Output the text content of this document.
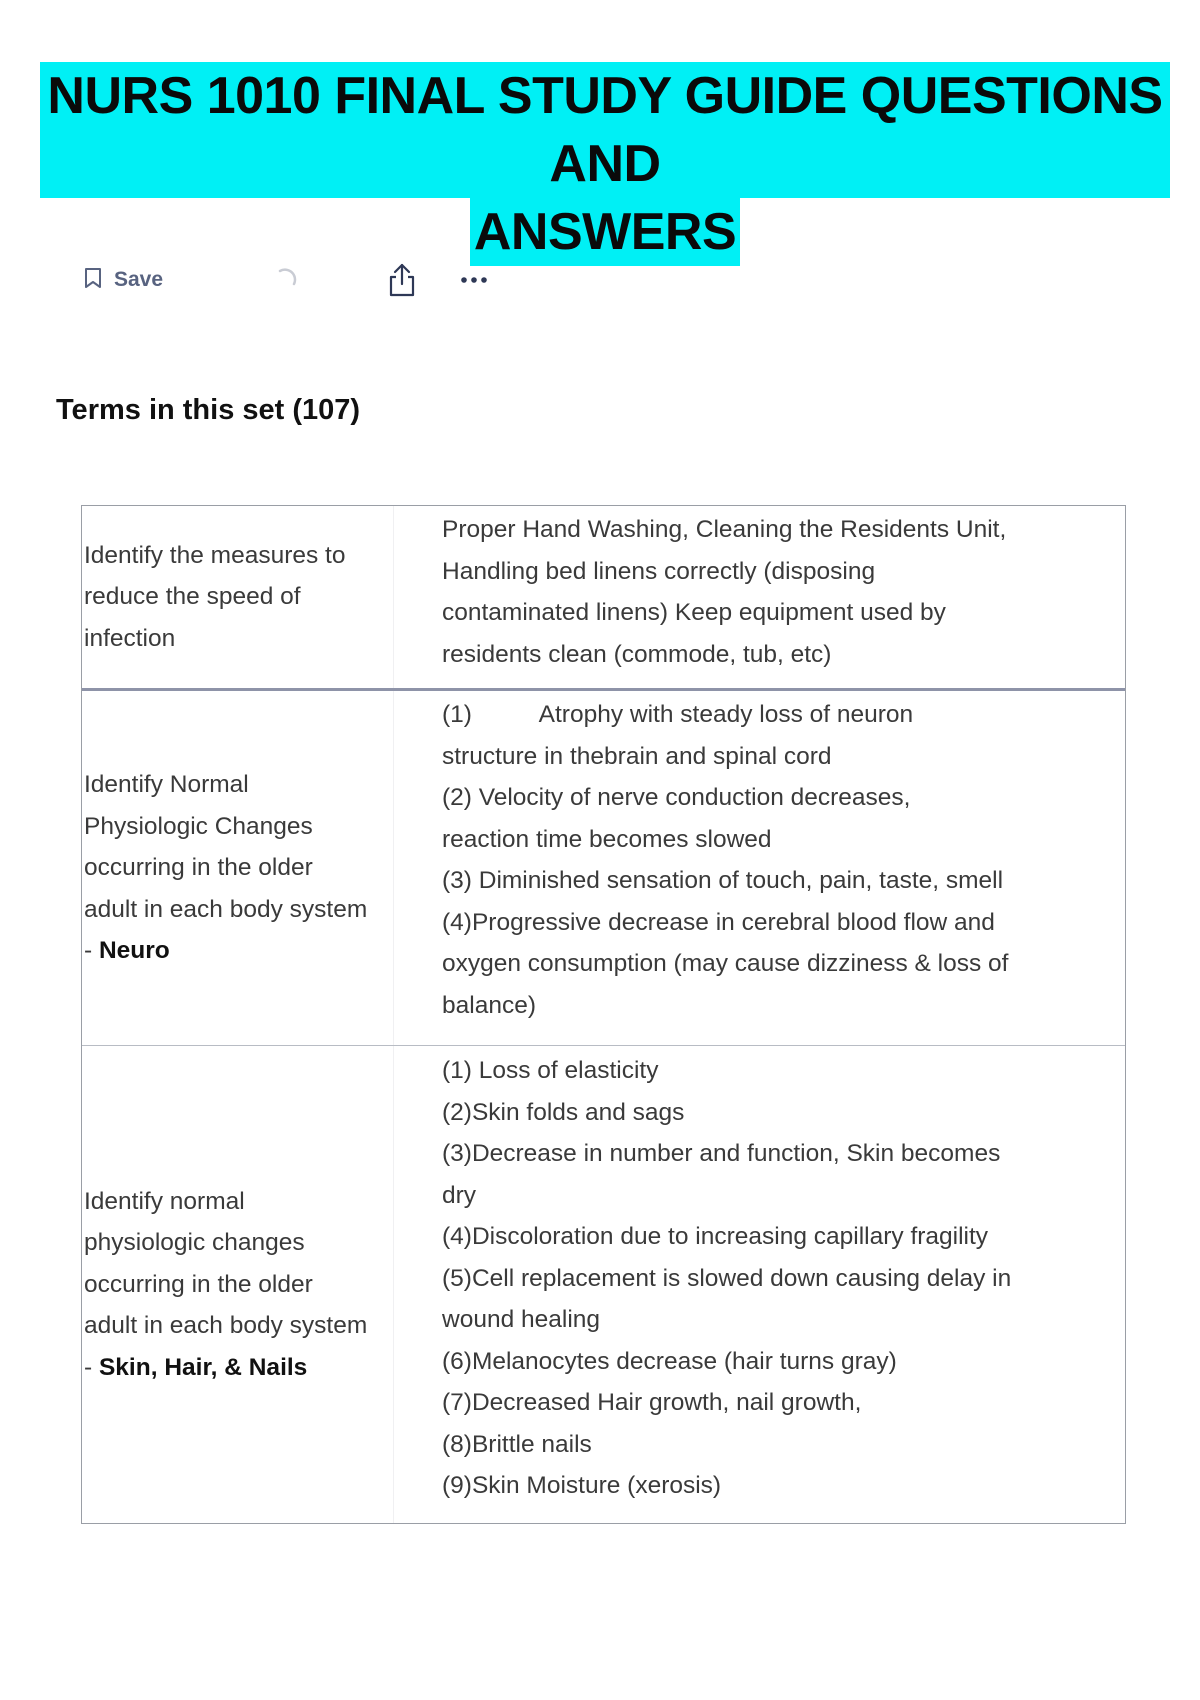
NURS 1010 FINAL STUDY GUIDE QUESTIONS AND
ANSWERS
Save
Terms in this set (107)
Identify the measures to
reduce the speed of
infection
Proper Hand Washing, Cleaning the Residents Unit,
Handling bed linens correctly (disposing
contaminated linens) Keep equipment used by
residents clean (commode, tub, etc)
Identify Normal
Physiologic Changes
occurring in the older
adult in each body system
- Neuro
(1)          Atrophy with steady loss of neuron
structure in thebrain and spinal cord
(2) Velocity of nerve conduction decreases,
reaction time becomes slowed
(3) Diminished sensation of touch, pain, taste, smell
(4)Progressive decrease in cerebral blood flow and
oxygen consumption (may cause dizziness & loss of
balance)
Identify normal
physiologic changes
occurring in the older
adult in each body system
- Skin, Hair, & Nails
(1) Loss of elasticity
(2)Skin folds and sags
(3)Decrease in number and function, Skin becomes
dry
(4)Discoloration due to increasing capillary fragility
(5)Cell replacement is slowed down causing delay in
wound healing
(6)Melanocytes decrease (hair turns gray)
(7)Decreased Hair growth, nail growth,
(8)Brittle nails
(9)Skin Moisture (xerosis)
